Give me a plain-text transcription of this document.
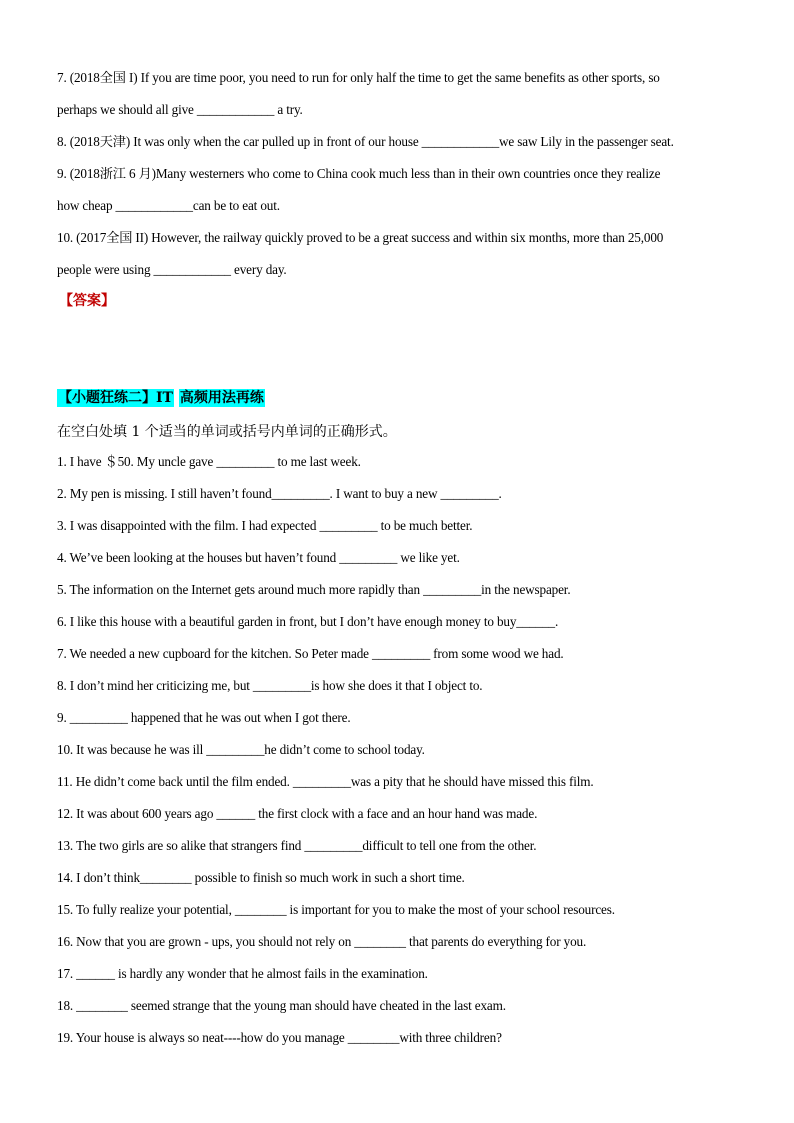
7. (2018全国 I) If you are time poor, you need to run for only half the time to get the same benefits as other sports, so
perhaps we should all give ____________ a try.
8. (2018天津) It was only when the car pulled up in front of our house ____________we saw Lily in the passenger seat.
9. (2018浙江 6 月)Many westerners who come to China cook much less than in their own countries once they realize
how cheap ____________can be to eat out.
10. (2017全国 II) However, the railway quickly proved to be a great success and within six months, more than 25,000
people were using ____________ every day.
【答案】
【小题狂练二】IT 高频用法再练
在空白处填 1 个适当的单词或括号内单词的正确形式。
1. I have ＄50. My uncle gave _________ to me last week.
2. My pen is missing. I still haven’t found_________. I want to buy a new _________.
3. I was disappointed with the film. I had expected _________ to be much better.
4. We’ve been looking at the houses but haven’t found _________ we like yet.
5. The information on the Internet gets around much more rapidly than _________in the newspaper.
6. I like this house with a beautiful garden in front, but I don’t have enough money to buy______.
7. We needed a new cupboard for the kitchen. So Peter made _________ from some wood we had.
8. I don’t mind her criticizing me, but _________is how she does it that I object to.
9. _________ happened that he was out when I got there.
10. It was because he was ill _________he didn’t come to school today.
11. He didn’t come back until the film ended. _________was a pity that he should have missed this film.
12. It was about 600 years ago ______ the first clock with a face and an hour hand was made.
13. The two girls are so alike that strangers find _________difficult to tell one from the other.
14. I don’t think________ possible to finish so much work in such a short time.
15. To fully realize your potential, ________ is important for you to make the most of your school resources.
16. Now that you are grown - ups, you should not rely on ________ that parents do everything for you.
17. ______ is hardly any wonder that he almost fails in the examination.
18. ________ seemed strange that the young man should have cheated in the last exam.
19. Your house is always so neat----how do you manage ________with three children?
